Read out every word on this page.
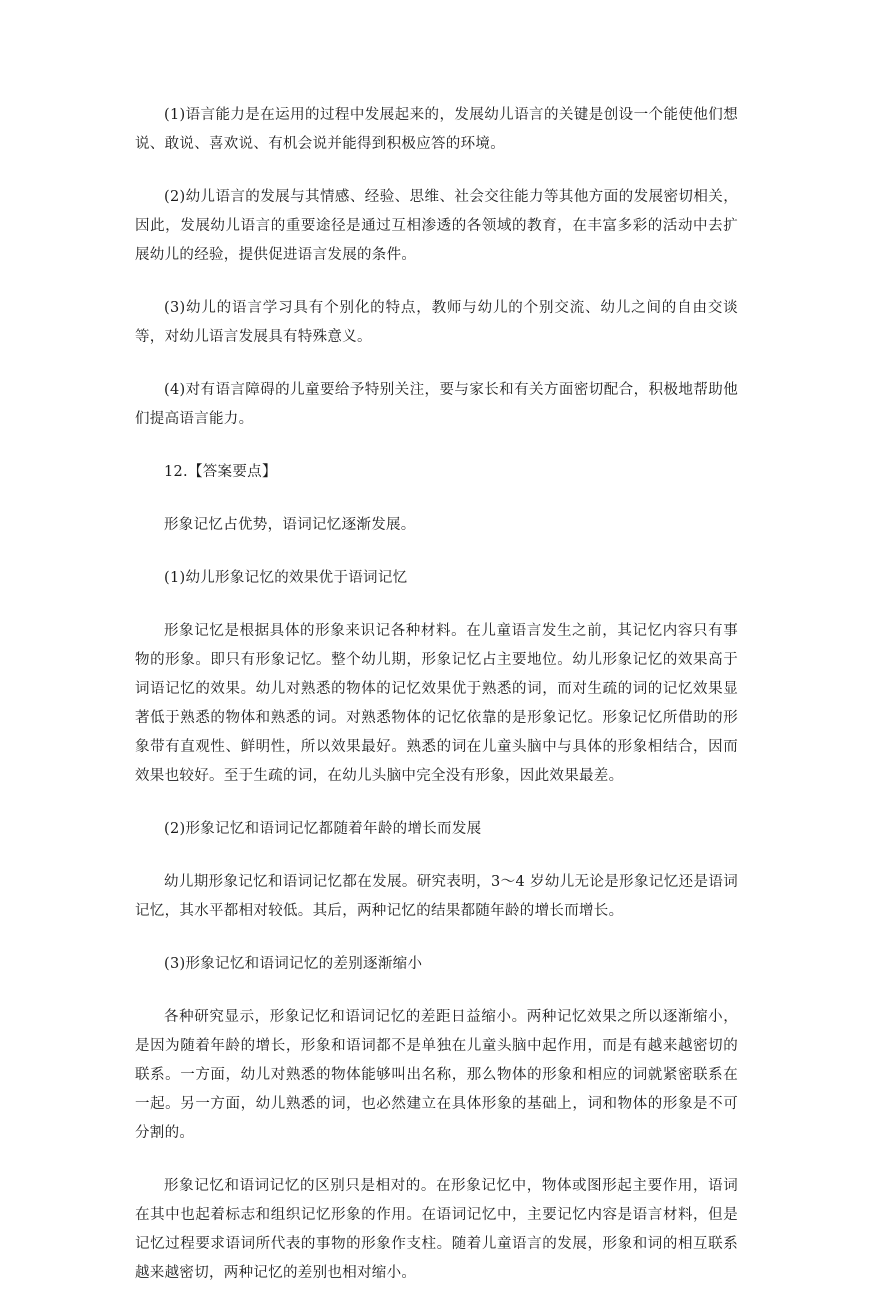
(1)语言能力是在运用的过程中发展起来的，发展幼儿语言的关键是创设一个能使他们想说、敢说、喜欢说、有机会说并能得到积极应答的环境。

(2)幼儿语言的发展与其情感、经验、思维、社会交往能力等其他方面的发展密切相关，因此，发展幼儿语言的重要途径是通过互相渗透的各领域的教育，在丰富多彩的活动中去扩展幼儿的经验，提供促进语言发展的条件。

(3)幼儿的语言学习具有个别化的特点，教师与幼儿的个别交流、幼儿之间的自由交谈等，对幼儿语言发展具有特殊意义。

(4)对有语言障碍的儿童要给予特别关注，要与家长和有关方面密切配合，积极地帮助他们提高语言能力。

12.【答案要点】

形象记忆占优势，语词记忆逐渐发展。

(1)幼儿形象记忆的效果优于语词记忆

形象记忆是根据具体的形象来识记各种材料。在儿童语言发生之前，其记忆内容只有事物的形象。即只有形象记忆。整个幼儿期，形象记忆占主要地位。幼儿形象记忆的效果高于词语记忆的效果。幼儿对熟悉的物体的记忆效果优于熟悉的词，而对生疏的词的记忆效果显著低于熟悉的物体和熟悉的词。对熟悉物体的记忆依靠的是形象记忆。形象记忆所借助的形象带有直观性、鲜明性，所以效果最好。熟悉的词在儿童头脑中与具体的形象相结合，因而效果也较好。至于生疏的词，在幼儿头脑中完全没有形象，因此效果最差。

(2)形象记忆和语词记忆都随着年龄的增长而发展

幼儿期形象记忆和语词记忆都在发展。研究表明，3～4 岁幼儿无论是形象记忆还是语词记忆，其水平都相对较低。其后，两种记忆的结果都随年龄的增长而增长。

(3)形象记忆和语词记忆的差别逐渐缩小

各种研究显示，形象记忆和语词记忆的差距日益缩小。两种记忆效果之所以逐渐缩小，是因为随着年龄的增长，形象和语词都不是单独在儿童头脑中起作用，而是有越来越密切的联系。一方面，幼儿对熟悉的物体能够叫出名称，那么物体的形象和相应的词就紧密联系在一起。另一方面，幼儿熟悉的词，也必然建立在具体形象的基础上，词和物体的形象是不可分割的。

形象记忆和语词记忆的区别只是相对的。在形象记忆中，物体或图形起主要作用，语词在其中也起着标志和组织记忆形象的作用。在语词记忆中，主要记忆内容是语言材料，但是记忆过程要求语词所代表的事物的形象作支柱。随着儿童语言的发展，形象和词的相互联系越来越密切，两种记忆的差别也相对缩小。
